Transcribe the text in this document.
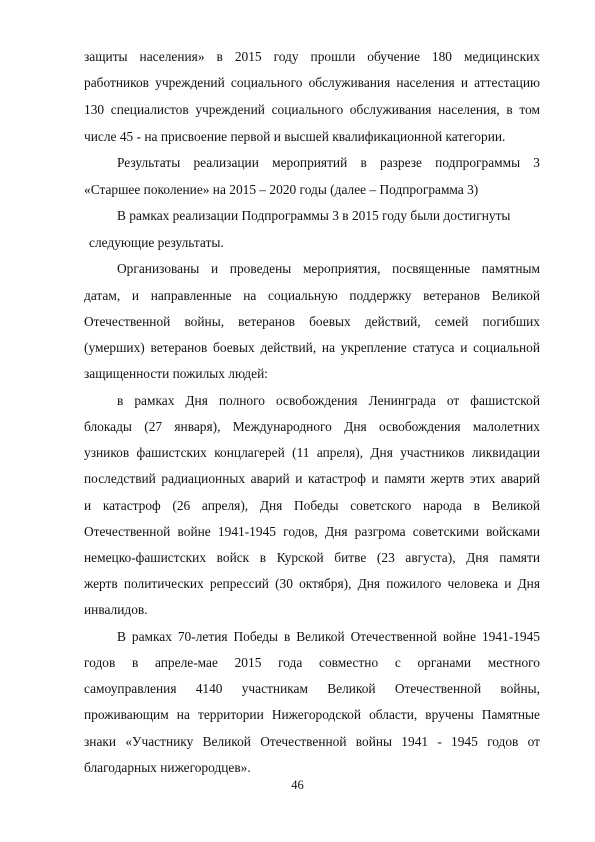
защиты населения» в 2015 году прошли обучение 180 медицинских
работников учреждений социального обслуживания населения и аттестацию
130 специалистов учреждений социального обслуживания населения, в том
числе 45 - на присвоение первой и высшей квалификационной категории.
Результаты реализации мероприятий в разрезе подпрограммы 3
«Старшее поколение» на 2015 – 2020 годы (далее – Подпрограмма 3)
В рамках реализации Подпрограммы 3 в 2015 году были достигнуты
следующие результаты.
Организованы и проведены мероприятия, посвященные памятным
датам, и направленные на социальную поддержку ветеранов Великой
Отечественной войны, ветеранов боевых действий, семей погибших
(умерших) ветеранов боевых действий, на укрепление статуса и социальной
защищенности пожилых людей:
в рамках Дня полного освобождения Ленинграда от фашистской
блокады (27 января), Международного Дня освобождения малолетних
узников фашистских концлагерей (11 апреля), Дня участников ликвидации
последствий радиационных аварий и катастроф и памяти жертв этих аварий
и катастроф (26 апреля), Дня Победы советского народа в Великой
Отечественной войне 1941-1945 годов, Дня разгрома советскими войсками
немецко-фашистских войск в Курской битве (23 августа), Дня памяти
жертв политических репрессий (30 октября), Дня пожилого человека и Дня
инвалидов.
В рамках 70-летия Победы в Великой Отечественной войне 1941-1945
годов в апреле-мае 2015 года совместно с органами местного
самоуправления 4140 участникам Великой Отечественной войны,
проживающим на территории Нижегородской области, вручены Памятные
знаки «Участнику Великой Отечественной войны 1941 - 1945 годов от
благодарных нижегородцев».
46
